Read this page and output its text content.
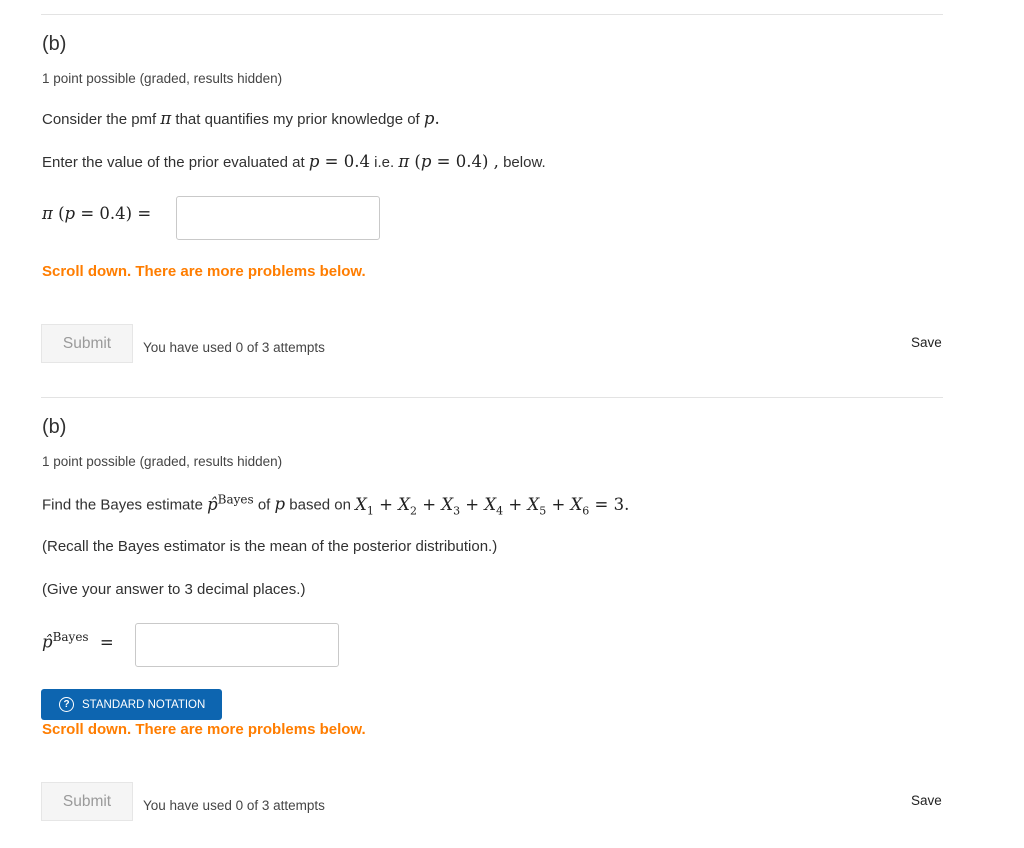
(b)
1 point possible (graded, results hidden)
Consider the pmf π that quantifies my prior knowledge of p.
Enter the value of the prior evaluated at p = 0.4 i.e. π (p = 0.4) , below.
π (p = 0.4) =
Scroll down. There are more problems below.
Submit	You have used 0 of 3 attempts	Save
(b)
1 point possible (graded, results hidden)
Find the Bayes estimate p̂$^{Bayes}$ of p based on $X_1 + X_2 + X_3 + X_4 + X_5 + X_6 = 3$.
(Recall the Bayes estimator is the mean of the posterior distribution.)
(Give your answer to 3 decimal places.)
p̂$^{Bayes}$ =
?	STANDARD NOTATION
Scroll down. There are more problems below.
Submit	You have used 0 of 3 attempts	Save
